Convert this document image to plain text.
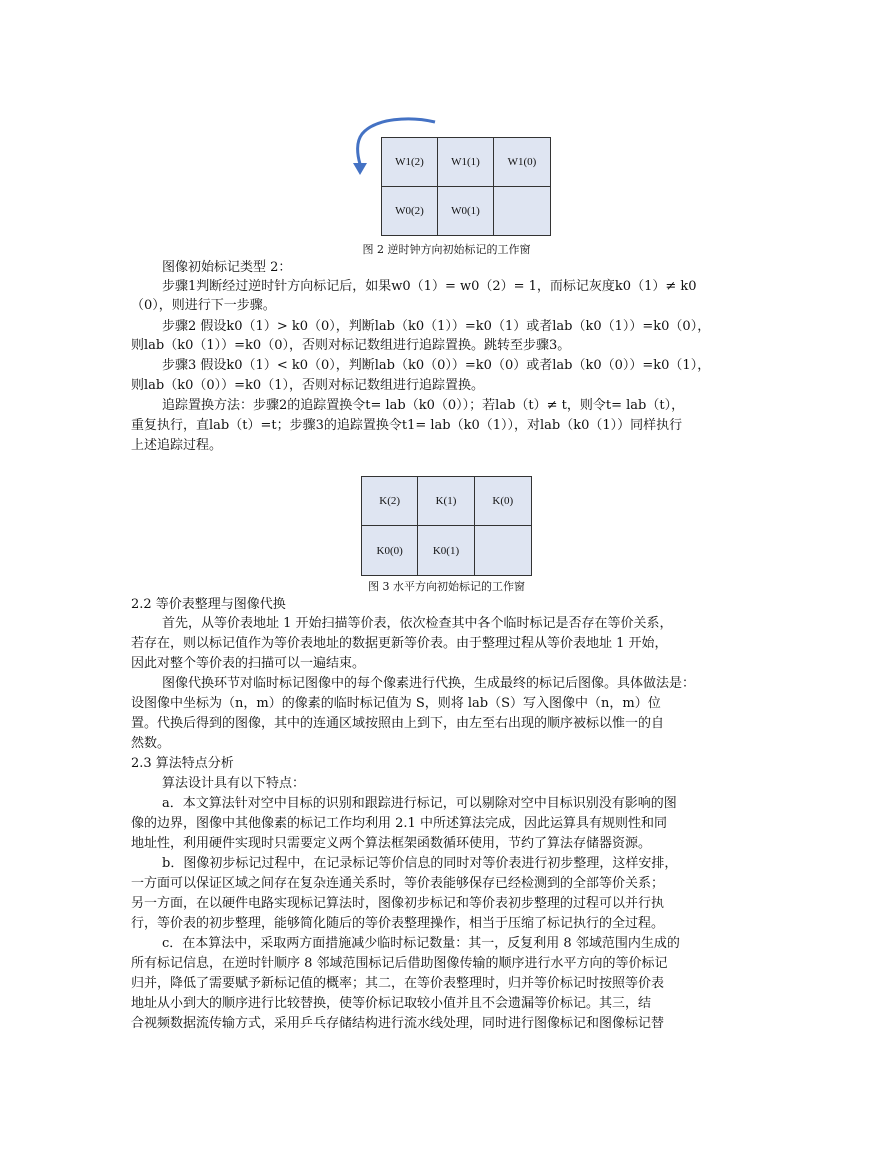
W1(2)	W1(1)	W1(0)
W0(2)	W0(1)
图 2 逆时钟方向初始标记的工作窗
图像初始标记类型 2：
步骤1判断经过逆时针方向标记后，如果w0（1）= w0（2）= 1，而标记灰度k0（1）≠ k0
（0），则进行下一步骤。
步骤2 假设k0（1）> k0（0），判断lab（k0（1））=k0（1）或者lab（k0（1））=k0（0），
则lab（k0（1））=k0（0），否则对标记数组进行追踪置换。跳转至步骤3。
步骤3 假设k0（1）< k0（0），判断lab（k0（0））=k0（0）或者lab（k0（0））=k0（1），
则lab（k0（0））=k0（1），否则对标记数组进行追踪置换。
追踪置换方法：步骤2的追踪置换令t= lab（k0（0））；若lab（t）≠ t，则令t= lab（t），
重复执行，直lab（t）=t；步骤3的追踪置换令t1= lab（k0（1）），对lab（k0（1））同样执行
上述追踪过程。
K(2)	K(1)	K(0)
K0(0)	K0(1)
图 3 水平方向初始标记的工作窗
2.2 等价表整理与图像代换
首先，从等价表地址 1 开始扫描等价表，依次检查其中各个临时标记是否存在等价关系，
若存在，则以标记值作为等价表地址的数据更新等价表。由于整理过程从等价表地址 1 开始，
因此对整个等价表的扫描可以一遍结束。
图像代换环节对临时标记图像中的每个像素进行代换，生成最终的标记后图像。具体做法是：
设图像中坐标为（n，m）的像素的临时标记值为 S，则将 lab（S）写入图像中（n，m）位
置。代换后得到的图像，其中的连通区域按照由上到下，由左至右出现的顺序被标以惟一的自
然数。
2.3 算法特点分析
算法设计具有以下特点：
a．本文算法针对空中目标的识别和跟踪进行标记，可以剔除对空中目标识别没有影响的图
像的边界，图像中其他像素的标记工作均利用 2.1 中所述算法完成，因此运算具有规则性和同
地址性，利用硬件实现时只需要定义两个算法框架函数循环使用，节约了算法存储器资源。
b．图像初步标记过程中，在记录标记等价信息的同时对等价表进行初步整理，这样安排，
一方面可以保证区域之间存在复杂连通关系时，等价表能够保存已经检测到的全部等价关系；
另一方面，在以硬件电路实现标记算法时，图像初步标记和等价表初步整理的过程可以并行执
行，等价表的初步整理，能够简化随后的等价表整理操作，相当于压缩了标记执行的全过程。
c．在本算法中，采取两方面措施减少临时标记数量：其一，反复利用 8 邻域范围内生成的
所有标记信息，在逆时针顺序 8 邻域范围标记后借助图像传输的顺序进行水平方向的等价标记
归并，降低了需要赋予新标记值的概率；其二，在等价表整理时，归并等价标记时按照等价表
地址从小到大的顺序进行比较替换，使等价标记取较小值并且不会遗漏等价标记。其三，结
合视频数据流传输方式，采用乒乓存储结构进行流水线处理，同时进行图像标记和图像标记替
